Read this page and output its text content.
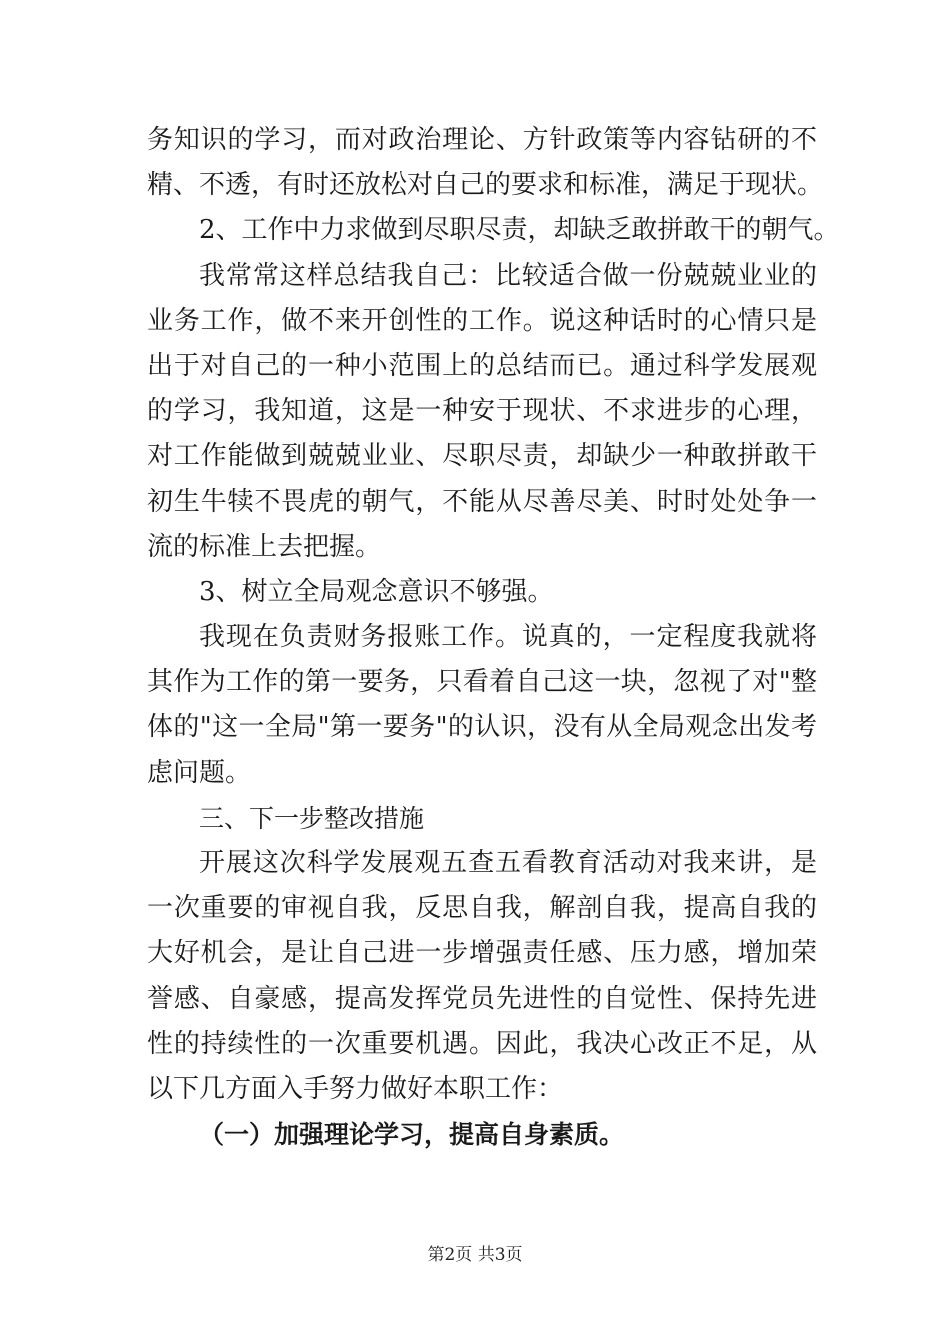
务知识的学习，而对政治理论、方针政策等内容钻研的不
精、不透，有时还放松对自己的要求和标准，满足于现状。
2、工作中力求做到尽职尽责，却缺乏敢拼敢干的朝气。
我常常这样总结我自己：比较适合做一份兢兢业业的
业务工作，做不来开创性的工作。说这种话时的心情只是
出于对自己的一种小范围上的总结而已。通过科学发展观
的学习，我知道，这是一种安于现状、不求进步的心理，
对工作能做到兢兢业业、尽职尽责，却缺少一种敢拼敢干
初生牛犊不畏虎的朝气，不能从尽善尽美、时时处处争一
流的标准上去把握。
3、树立全局观念意识不够强。
我现在负责财务报账工作。说真的，一定程度我就将
其作为工作的第一要务，只看着自己这一块，忽视了对"整
体的"这一全局"第一要务"的认识，没有从全局观念出发考
虑问题。
三、下一步整改措施
开展这次科学发展观五查五看教育活动对我来讲，是
一次重要的审视自我，反思自我，解剖自我，提高自我的
大好机会，是让自己进一步增强责任感、压力感，增加荣
誉感、自豪感，提高发挥党员先进性的自觉性、保持先进
性的持续性的一次重要机遇。因此，我决心改正不足，从
以下几方面入手努力做好本职工作：
（一）加强理论学习，提高自身素质。
第2页 共3页
